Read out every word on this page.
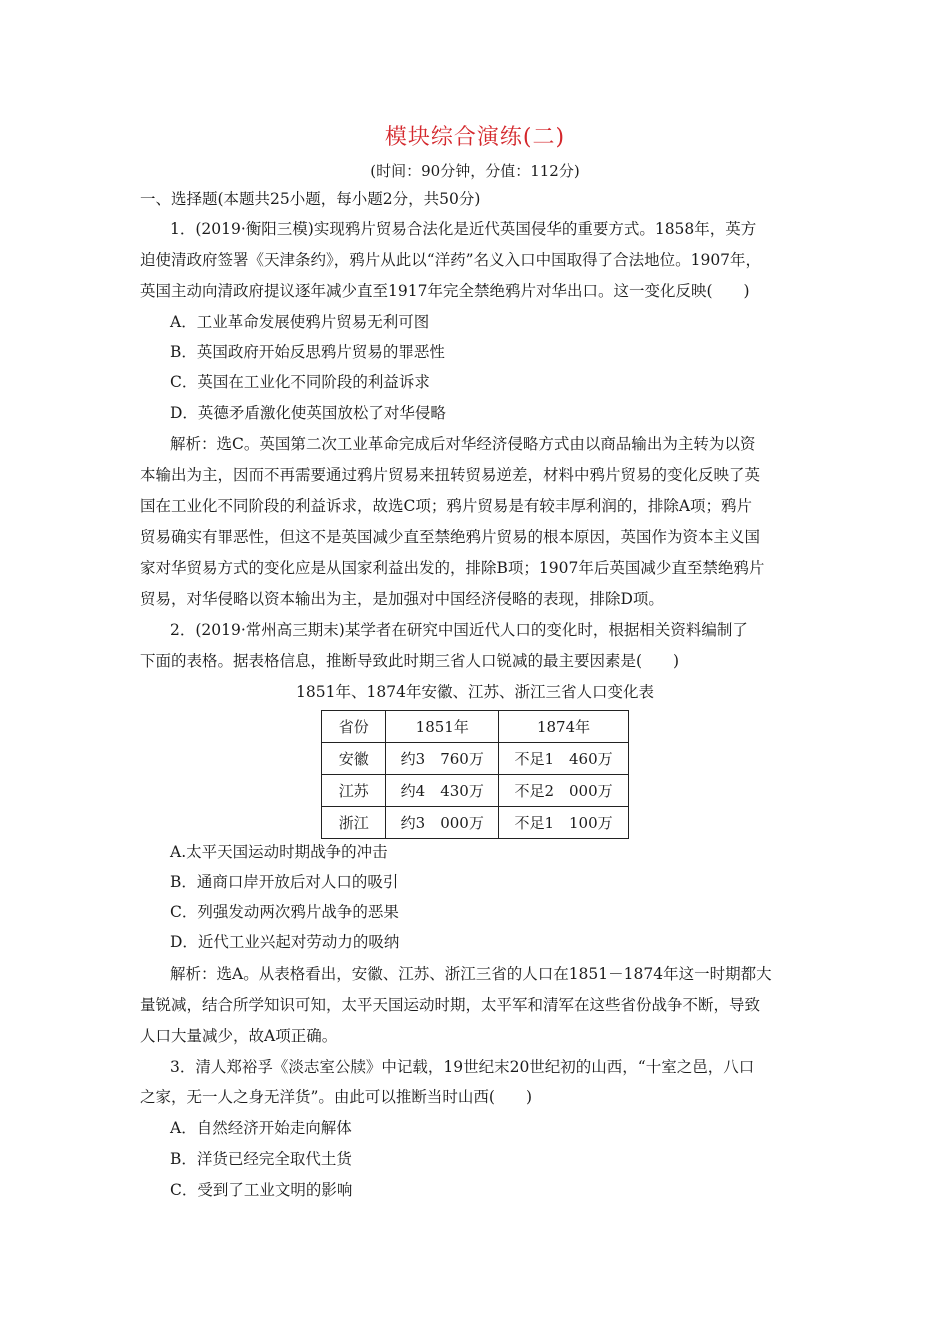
模块综合演练(二)
(时间：90分钟，分值：112分)
一、选择题(本题共25小题，每小题2分，共50分)
1．(2019·衡阳三模)实现鸦片贸易合法化是近代英国侵华的重要方式。1858年，英方
迫使清政府签署《天津条约》，鸦片从此以“洋药”名义入口中国取得了合法地位。1907年，
英国主动向清政府提议逐年减少直至1917年完全禁绝鸦片对华出口。这一变化反映(　　)
A．工业革命发展使鸦片贸易无利可图
B．英国政府开始反思鸦片贸易的罪恶性
C．英国在工业化不同阶段的利益诉求
D．英德矛盾激化使英国放松了对华侵略
解析：选C。英国第二次工业革命完成后对华经济侵略方式由以商品输出为主转为以资
本输出为主，因而不再需要通过鸦片贸易来扭转贸易逆差，材料中鸦片贸易的变化反映了英
国在工业化不同阶段的利益诉求，故选C项；鸦片贸易是有较丰厚利润的，排除A项；鸦片
贸易确实有罪恶性，但这不是英国减少直至禁绝鸦片贸易的根本原因，英国作为资本主义国
家对华贸易方式的变化应是从国家利益出发的，排除B项；1907年后英国减少直至禁绝鸦片
贸易，对华侵略以资本输出为主，是加强对中国经济侵略的表现，排除D项。
2．(2019·常州高三期末)某学者在研究中国近代人口的变化时，根据相关资料编制了
下面的表格。据表格信息，推断导致此时期三省人口锐减的最主要因素是(　　)
1851年、1874年安徽、江苏、浙江三省人口变化表
省份	1851年	1874年
安徽	约3　760万	不足1　460万
江苏	约4　430万	不足2　000万
浙江	约3　000万	不足1　100万
A.太平天国运动时期战争的冲击
B．通商口岸开放后对人口的吸引
C．列强发动两次鸦片战争的恶果
D．近代工业兴起对劳动力的吸纳
解析：选A。从表格看出，安徽、江苏、浙江三省的人口在1851－1874年这一时期都大
量锐减，结合所学知识可知，太平天国运动时期，太平军和清军在这些省份战争不断，导致
人口大量减少，故A项正确。
3．清人郑裕孚《淡志室公牍》中记载，19世纪末20世纪初的山西，“十室之邑，八口
之家，无一人之身无洋货”。由此可以推断当时山西(　　)
A．自然经济开始走向解体
B．洋货已经完全取代土货
C．受到了工业文明的影响
